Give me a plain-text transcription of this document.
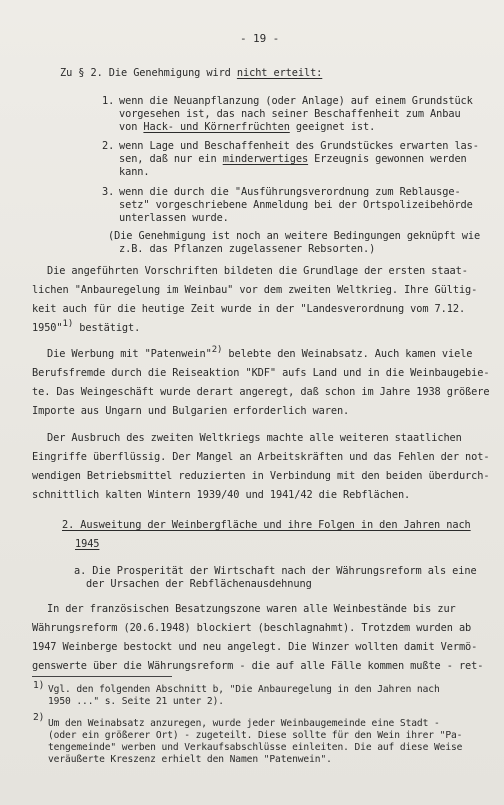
- 19 -
Zu § 2. Die Genehmigung wird nicht erteilt:
1. wenn die Neuanpflanzung (oder Anlage) auf einem Grundstück
vorgesehen ist, das nach seiner Beschaffenheit zum Anbau
von Hack- und Körnerfrüchten geeignet ist.
2. wenn Lage und Beschaffenheit des Grundstückes erwarten las-
sen, daß nur ein minderwertiges Erzeugnis gewonnen werden
kann.
3. wenn die durch die "Ausführungsverordnung zum Reblausge-
setz" vorgeschriebene Anmeldung bei der Ortspolizeibehörde
unterlassen wurde.
(Die Genehmigung ist noch an weitere Bedingungen geknüpft wie
z.B. das Pflanzen zugelassener Rebsorten.)
Die angeführten Vorschriften bildeten die Grundlage der ersten staat-
lichen "Anbauregelung im Weinbau" vor dem zweiten Weltkrieg. Ihre Gültig-
keit auch für die heutige Zeit wurde in der "Landesverordnung vom 7.12.
1950"1) bestätigt.
Die Werbung mit "Patenwein"2) belebte den Weinabsatz. Auch kamen viele
Berufsfremde durch die Reiseaktion "KDF" aufs Land und in die Weinbaugebie-
te. Das Weingeschäft wurde derart angeregt, daß schon im Jahre 1938 größere
Importe aus Ungarn und Bulgarien erforderlich waren.
Der Ausbruch des zweiten Weltkriegs machte alle weiteren staatlichen
Eingriffe überflüssig. Der Mangel an Arbeitskräften und das Fehlen der not-
wendigen Betriebsmittel reduzierten in Verbindung mit den beiden überdurch-
schnittlich kalten Wintern 1939/40 und 1941/42 die Rebflächen.
2. Ausweitung der Weinbergfläche und ihre Folgen in den Jahren nach
1945
a. Die Prosperität der Wirtschaft nach der Währungsreform als eine
der Ursachen der Rebflächenausdehnung
In der französischen Besatzungszone waren alle Weinbestände bis zur
Währungsreform (20.6.1948) blockiert (beschlagnahmt). Trotzdem wurden ab
1947 Weinberge bestockt und neu angelegt. Die Winzer wollten damit Vermö-
genswerte über die Währungsreform - die auf alle Fälle kommen mußte - ret-
1) Vgl. den folgenden Abschnitt b, "Die Anbauregelung in den Jahren nach
1950 ..." s. Seite 21 unter 2).
2)
Um den Weinabsatz anzuregen, wurde jeder Weinbaugemeinde eine Stadt -
(oder ein größerer Ort) - zugeteilt. Diese sollte für den Wein ihrer "Pa-
tengemeinde" werben und Verkaufsabschlüsse einleiten. Die auf diese Weise
veräußerte Kreszenz erhielt den Namen "Patenwein".
